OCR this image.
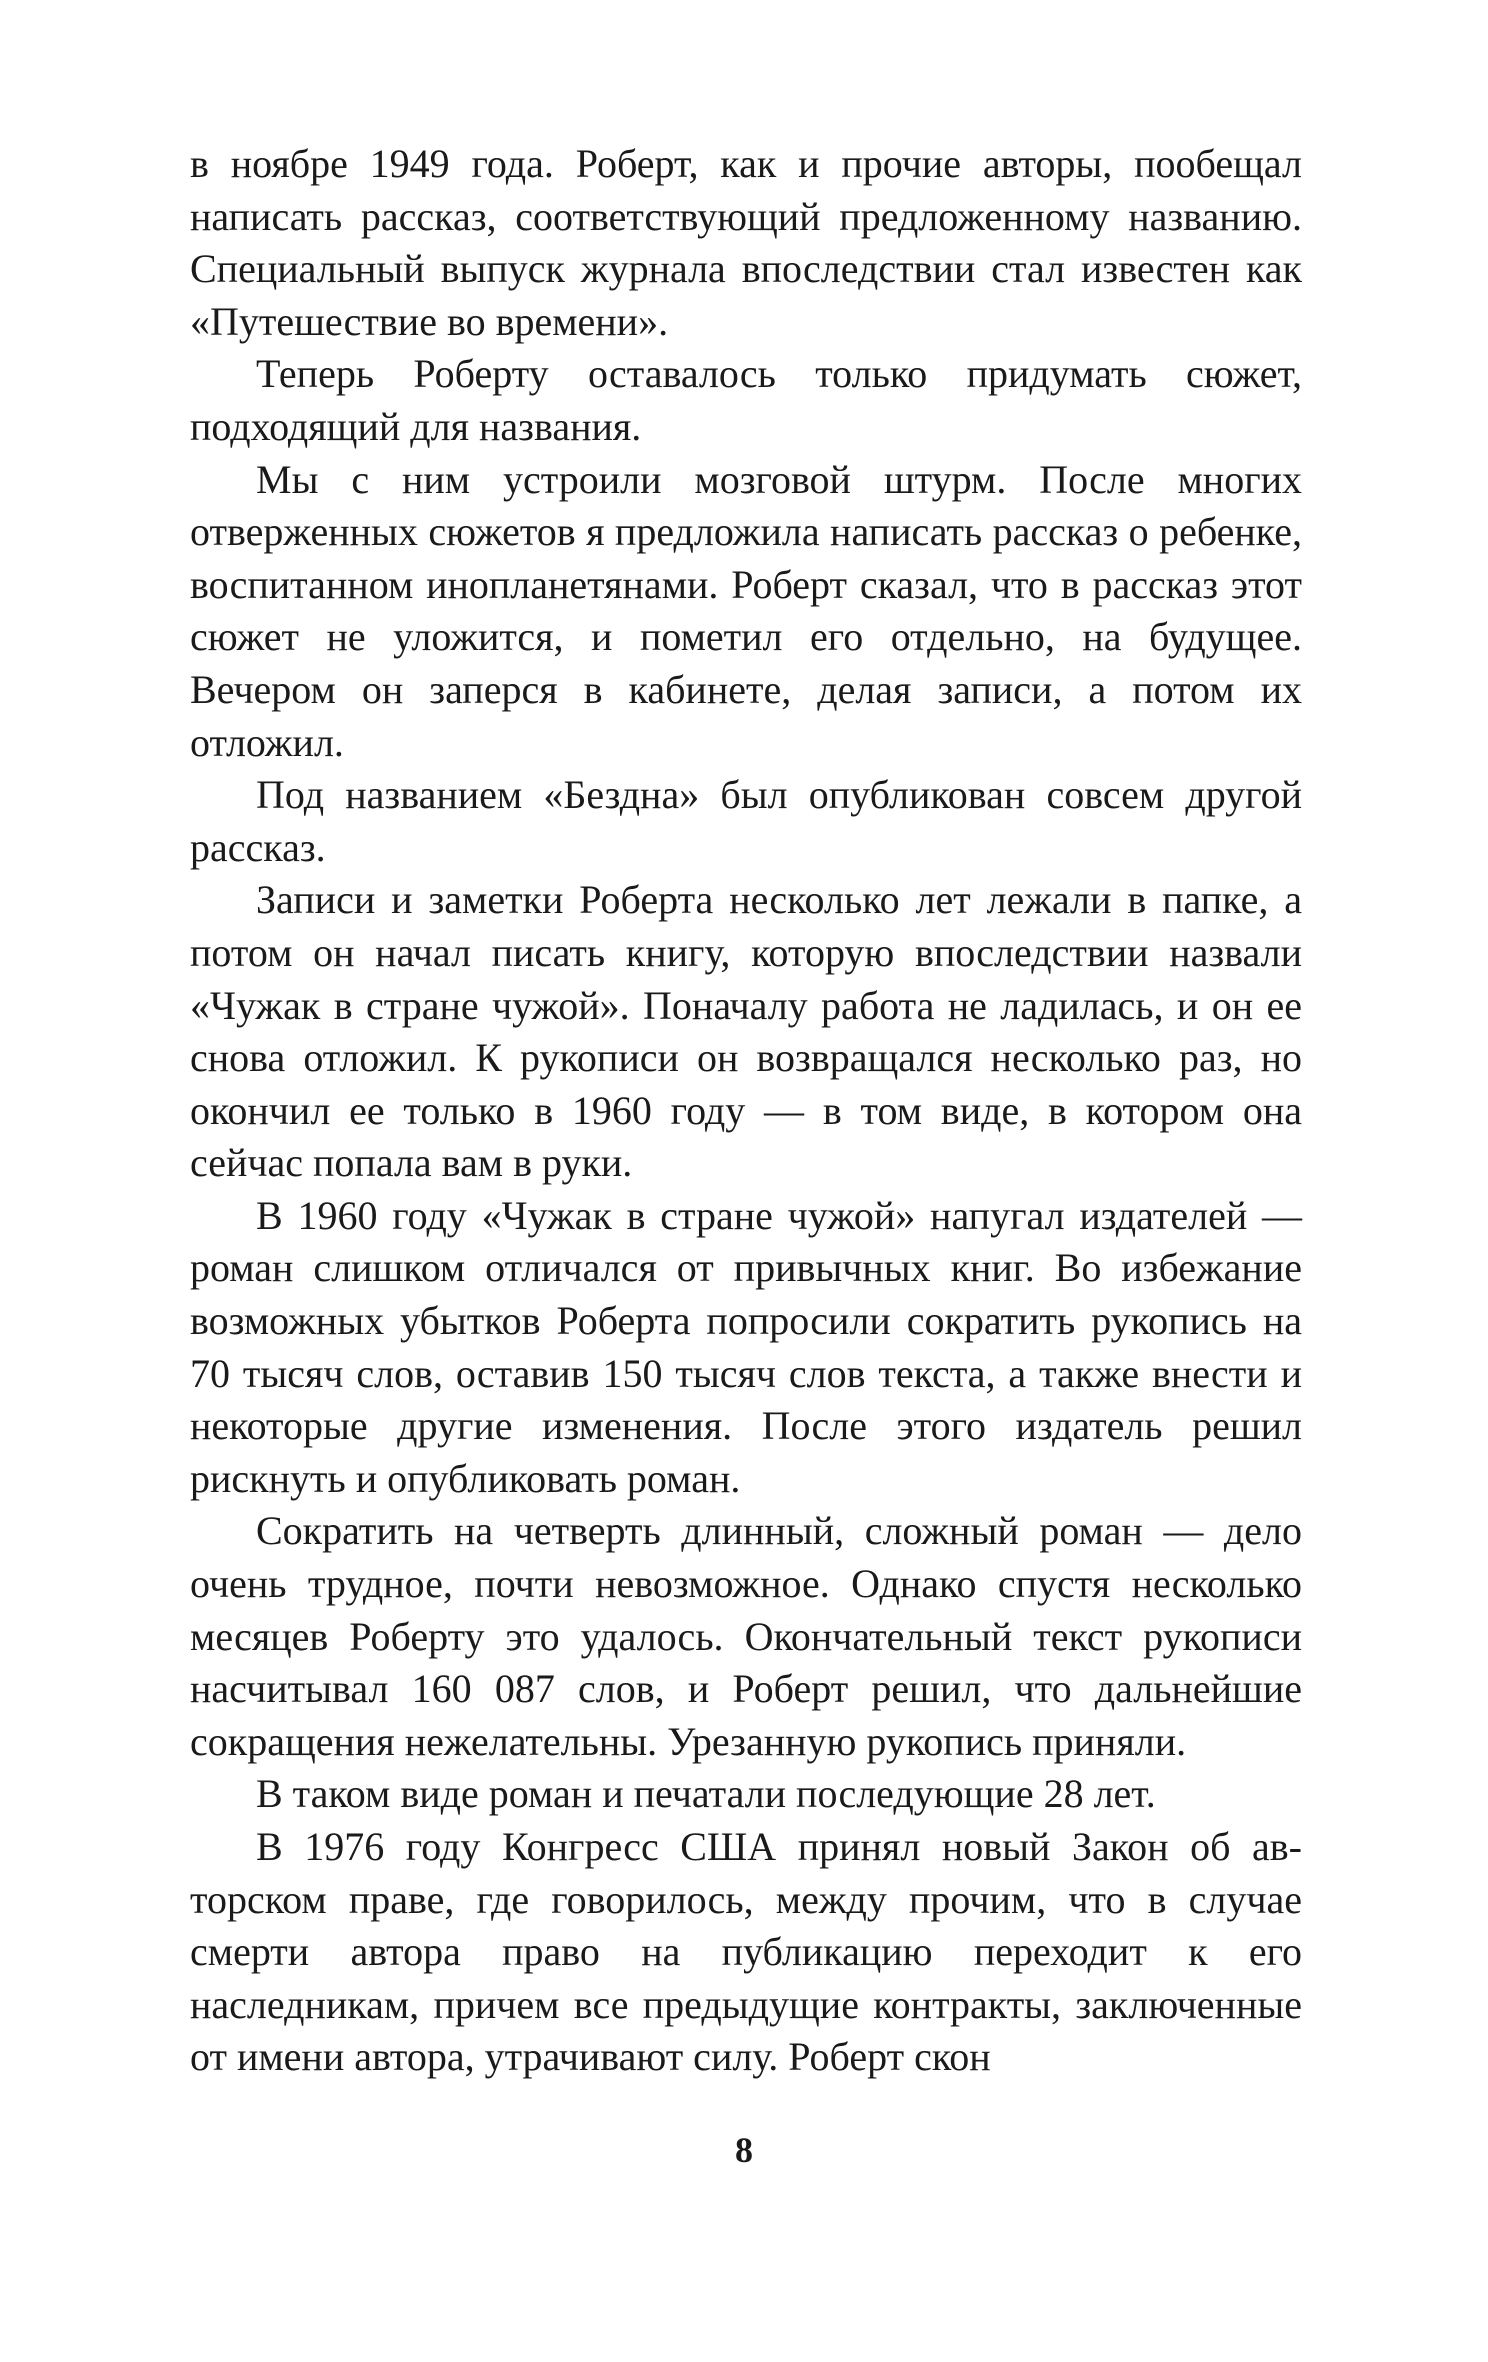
в ноябре 1949 года. Роберт, как и прочие авторы, пообещал написать рассказ, соответствующий предложенному названию. Специальный выпуск журнала впоследствии стал известен как «Путешествие во времени».

Теперь Роберту оставалось только придумать сюжет, подходящий для названия.

Мы с ним устроили мозговой штурм. После многих отверженных сюжетов я предложила написать рассказ о ребенке, воспитанном инопланетянами. Роберт сказал, что в рассказ этот сюжет не уложится, и пометил его отдельно, на будущее. Вечером он заперся в кабинете, делая записи, а потом их отложил.

Под названием «Бездна» был опубликован совсем другой рассказ.

Записи и заметки Роберта несколько лет лежали в папке, а потом он начал писать книгу, которую впоследствии назвали «Чужак в стране чужой». Поначалу работа не ладилась, и он ее снова отложил. К рукописи он возвращался несколько раз, но окончил ее только в 1960 году — в том виде, в котором она сейчас попала вам в руки.

В 1960 году «Чужак в стране чужой» напугал издателей — роман слишком отличался от привычных книг. Во избежание возможных убытков Роберта попросили сократить рукопись на 70 тысяч слов, оставив 150 тысяч слов текста, а также внести и некоторые другие изменения. После этого издатель решил рискнуть и опубликовать роман.

Сократить на четверть длинный, сложный роман — дело очень трудное, почти невозможное. Однако спустя несколько месяцев Роберту это удалось. Окончательный текст рукописи насчитывал 160 087 слов, и Роберт решил, что дальнейшие сокращения нежелательны. Урезанную рукопись приняли.

В таком виде роман и печатали последующие 28 лет.

В 1976 году Конгресс США принял новый Закон об авторском праве, где говорилось, между прочим, что в случае смерти автора право на публикацию переходит к его наследникам, причем все предыдущие контракты, заключенные от имени автора, утрачивают силу. Роберт скон

8
